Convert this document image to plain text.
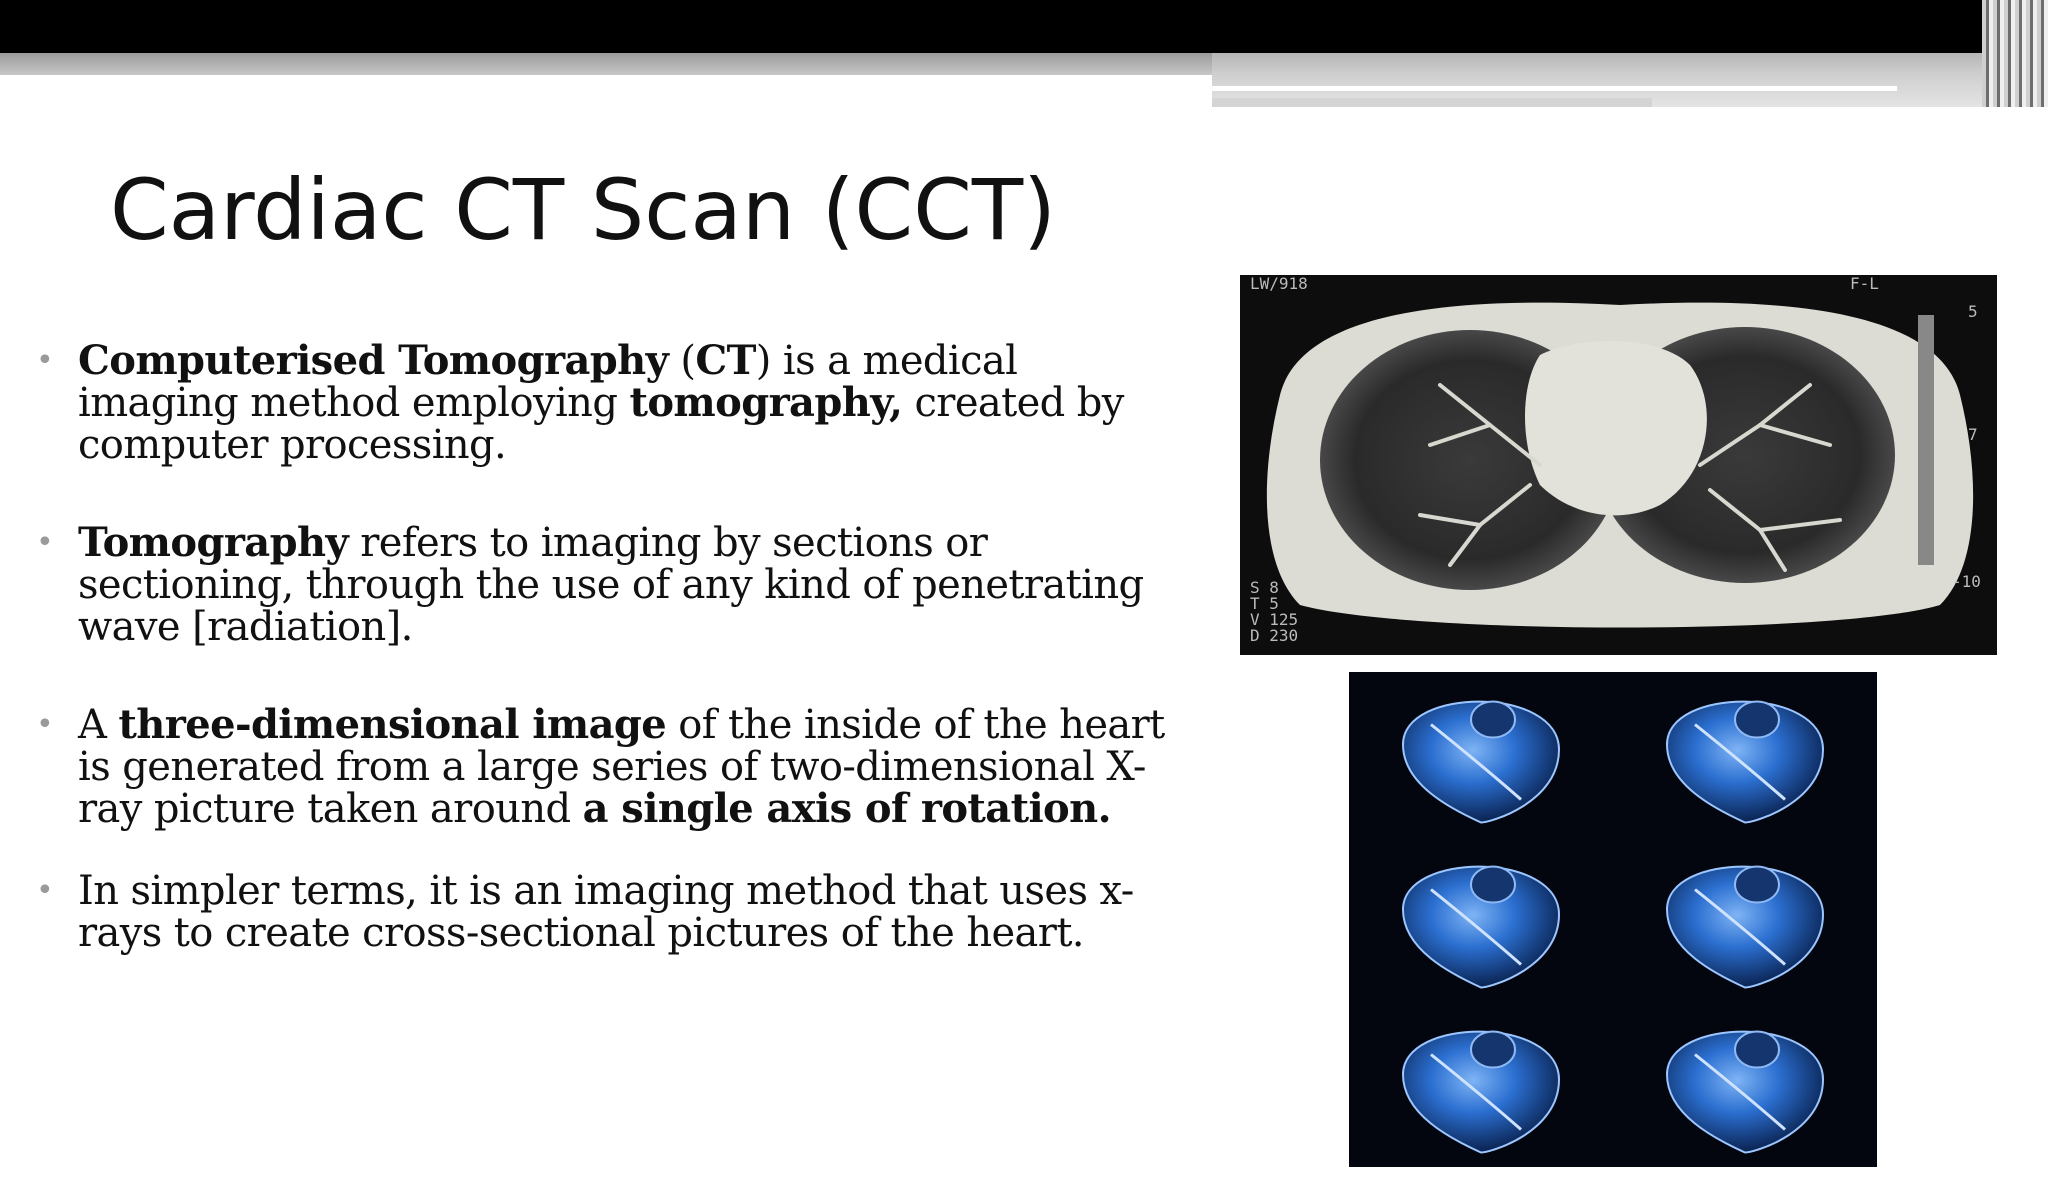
Cardiac CT Scan (CCT)
• Computerised Tomography (CT) is a medical
imaging method employing tomography, created by
computer processing.
• Tomography refers to imaging by sections or
sectioning, through the use of any kind of penetrating
wave [radiation].
• A three-dimensional image of the inside of the heart
is generated from a large series of two-dimensional X-
ray picture taken around a single axis of rotation.
• In simpler terms, it is an imaging method that uses x-
rays to create cross-sectional pictures of the heart.
LW/918	F-L
5
7
-10
S 8
T 5
V 125
D 230
